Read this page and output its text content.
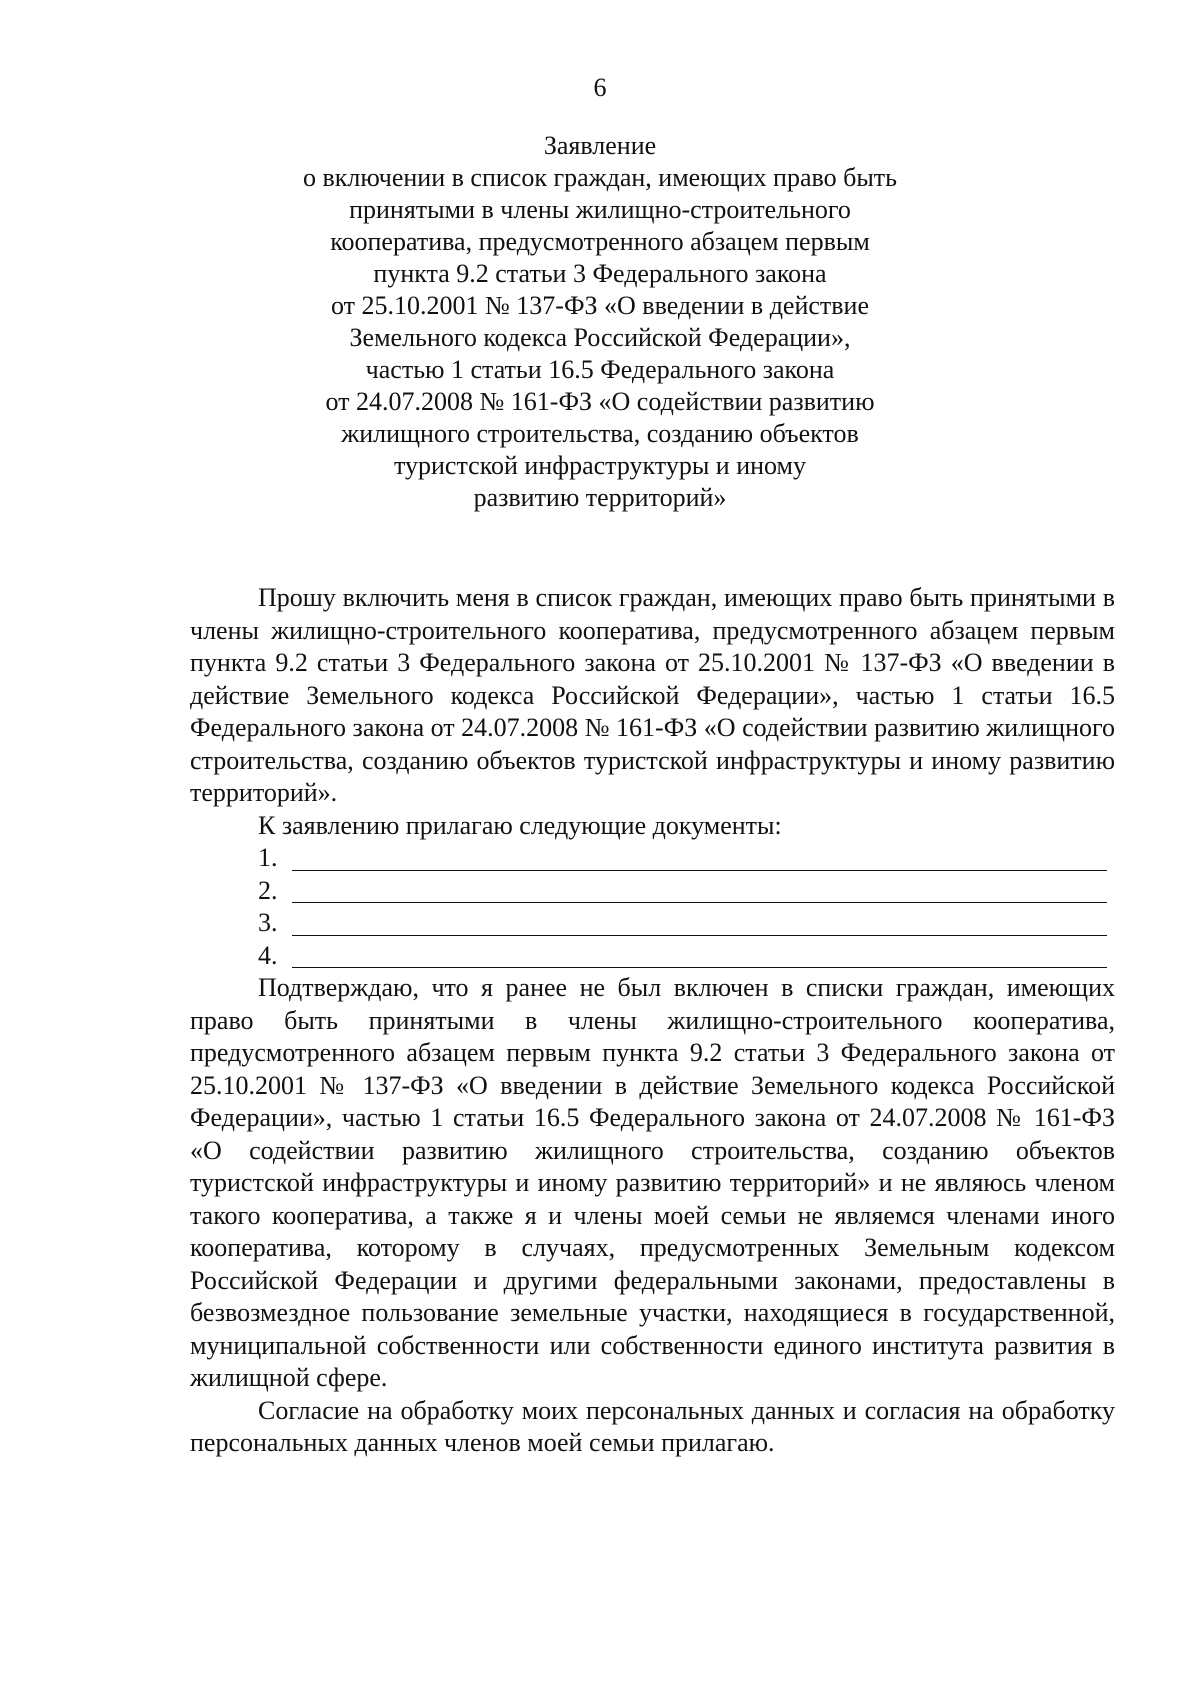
6
Заявление
о включении в список граждан, имеющих право быть
принятыми в члены жилищно-строительного
кооператива, предусмотренного абзацем первым
пункта 9.2 статьи 3 Федерального закона
от 25.10.2001 № 137-ФЗ «О введении в действие
Земельного кодекса Российской Федерации»,
частью 1 статьи 16.5 Федерального закона
от 24.07.2008 № 161-ФЗ «О содействии развитию
жилищного строительства, созданию объектов
туристской инфраструктуры и иному
развитию территорий»

Прошу включить меня в список граждан, имеющих право быть принятыми в члены жилищно-строительного кооператива, предусмотренного абзацем первым пункта 9.2 статьи 3 Федерального закона от 25.10.2001 № 137-ФЗ «О введении в действие Земельного кодекса Российской Федерации», частью 1 статьи 16.5 Федерального закона от 24.07.2008 № 161-ФЗ «О содействии развитию жилищного строительства, созданию объектов туристской инфраструктуры и иному развитию территорий».

К заявлению прилагаю следующие документы:

1.
2.
3.
4.

Подтверждаю, что я ранее не был включен в списки граждан, имеющих право быть принятыми в члены жилищно-строительного кооператива, предусмотренного абзацем первым пункта 9.2 статьи 3 Федерального закона от 25.10.2001 № 137-ФЗ «О введении в действие Земельного кодекса Российской Федерации», частью 1 статьи 16.5 Федерального закона от 24.07.2008 № 161-ФЗ «О содействии развитию жилищного строительства, созданию объектов туристской инфраструктуры и иному развитию территорий» и не являюсь членом такого кооператива, а также я и члены моей семьи не являемся членами иного кооператива, которому в случаях, предусмотренных Земельным кодексом Российской Федерации и другими федеральными законами, предоставлены в безвозмездное пользование земельные участки, находящиеся в государственной, муниципальной собственности или собственности единого института развития в жилищной сфере.

Согласие на обработку моих персональных данных и согласия на обработку персональных данных членов моей семьи прилагаю.
